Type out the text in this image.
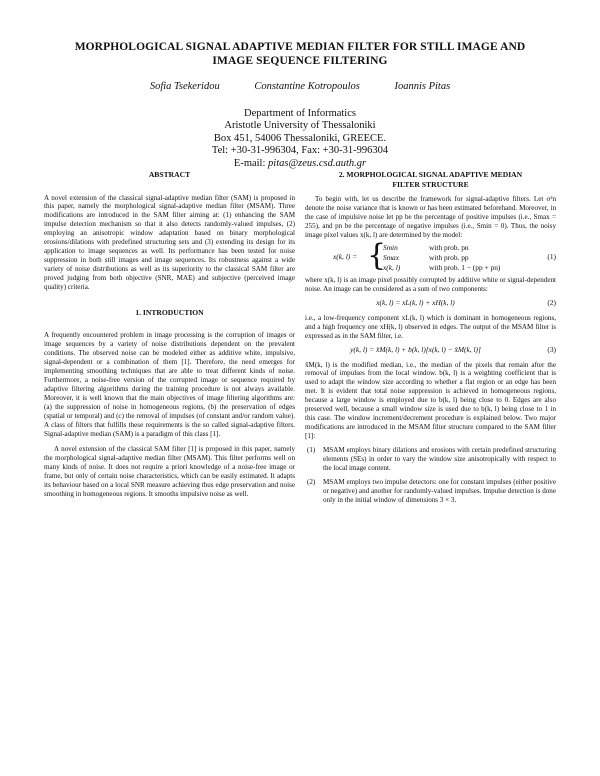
MORPHOLOGICAL SIGNAL ADAPTIVE MEDIAN FILTER FOR STILL IMAGE AND
IMAGE SEQUENCE FILTERING
Sofia Tsekeridou	Constantine Kotropoulos	Ioannis Pitas
Department of Informatics
Aristotle University of Thessaloniki
Box 451, 54006 Thessaloniki, GREECE.
Tel: +30-31-996304, Fax: +30-31-996304
E-mail: pitas@zeus.csd.auth.gr

ABSTRACT

A novel extension of the classical signal-adaptive median filter (SAM) is proposed in this paper, namely the morphological signal-adaptive median filter (MSAM). Three modifications are introduced in the SAM filter aiming at: (1) enhancing the SAM impulse detection mechanism so that it also detects randomly-valued impulses, (2) employing an anisotropic window adaptation based on binary morphological erosions/dilations with predefined structuring sets and (3) extending its design for its application to image sequences as well. Its performance has been tested for noise suppression in both still images and image sequences. Its robustness against a wide variety of noise distributions as well as its superiority to the classical SAM filter are proved judging from both objective (SNR, MAE) and subjective (perceived image quality) criteria.

1. INTRODUCTION

A frequently encountered problem in image processing is the corruption of images or image sequences by a variety of noise distributions dependent on the prevalent conditions. The observed noise can be modeled either as additive white, impulsive, signal-dependent or a combination of them [1]. Therefore, the need emerges for implementing smoothing techniques that are able to treat different kinds of noise. Furthermore, a noise-free version of the corrupted image or sequence required by adaptive filtering algorithms during the training procedure is not always available. Moreover, it is well known that the main objectives of image filtering algorithms are: (a) the suppression of noise in homogeneous regions, (b) the preservation of edges (spatial or temporal) and (c) the removal of impulses (of constant and/or random value). A class of filters that fulfills these requirements is the so called signal-adaptive filters. Signal-adaptive median (SAM) is a paradigm of this class [1].

A novel extension of the classical SAM filter [1] is proposed in this paper, namely the morphological signal-adaptive median filter (MSAM). This filter performs well on many kinds of noise. It does not require a priori knowledge of a noise-free image or frame, but only of certain noise characteristics, which can be easily estimated. It adapts its behaviour based on a local SNR measure achieving thus edge preservation and noise smoothing in homogeneous regions. It smooths impulsive noise as well.

2. MORPHOLOGICAL SIGNAL ADAPTIVE MEDIAN

FILTER STRUCTURE

To begin with, let us describe the framework for signal-adaptive filters. Let σ²n denote the noise variance that is known or has been estimated beforehand. Moreover, in the case of impulsive noise let pp be the percentage of positive impulses (i.e., Smax = 255), and pn be the percentage of negative impulses (i.e., Smin = 0). Thus, the noisy image pixel values x(k, l) are determined by the model:

x(k, l) = {
Smin	with prob. pn
Smax	with prob. pp
x(k, l)	with prob. 1 − (pp + pn)
(1)

where x(k, l) is an image pixel possibly corrupted by additive white or signal-dependent noise. An image can be considered as a sum of two components:

x(k, l) = xL(k, l) + xH(k, l)	(2)

i.e., a low-frequency component xL(k, l) which is dominant in homogeneous regions, and a high frequency one xH(k, l) observed in edges. The output of the MSAM filter is expressed as in the SAM filter, i.e.

y(k, l) = x̂M(k, l) + b(k, l)[x(k, l) − x̂M(k, l)]	(3)

x̂M(k, l) is the modified median, i.e., the median of the pixels that remain after the removal of impulses from the local window. b(k, l) is a weighting coefficient that is used to adapt the window size according to whether a flat region or an edge has been met. It is evident that total noise suppression is achieved in homogeneous regions, because a large window is employed due to b(k, l) being close to 0. Edges are also preserved well, because a small window size is used due to b(k, l) being close to 1 in this case. The window increment/decrement procedure is explained below. Two major modifications are introduced in the MSAM filter structure compared to the SAM filter [1]:

(1) MSAM employs binary dilations and erosions with certain predefined structuring elements (SEs) in order to vary the window size anisotropically with respect to the local image content.
(2) MSAM employs two impulse detectors: one for constant impulses (either positive or negative) and another for randomly-valued impulses. Impulse detection is done only in the initial window of dimensions 3 × 3.
